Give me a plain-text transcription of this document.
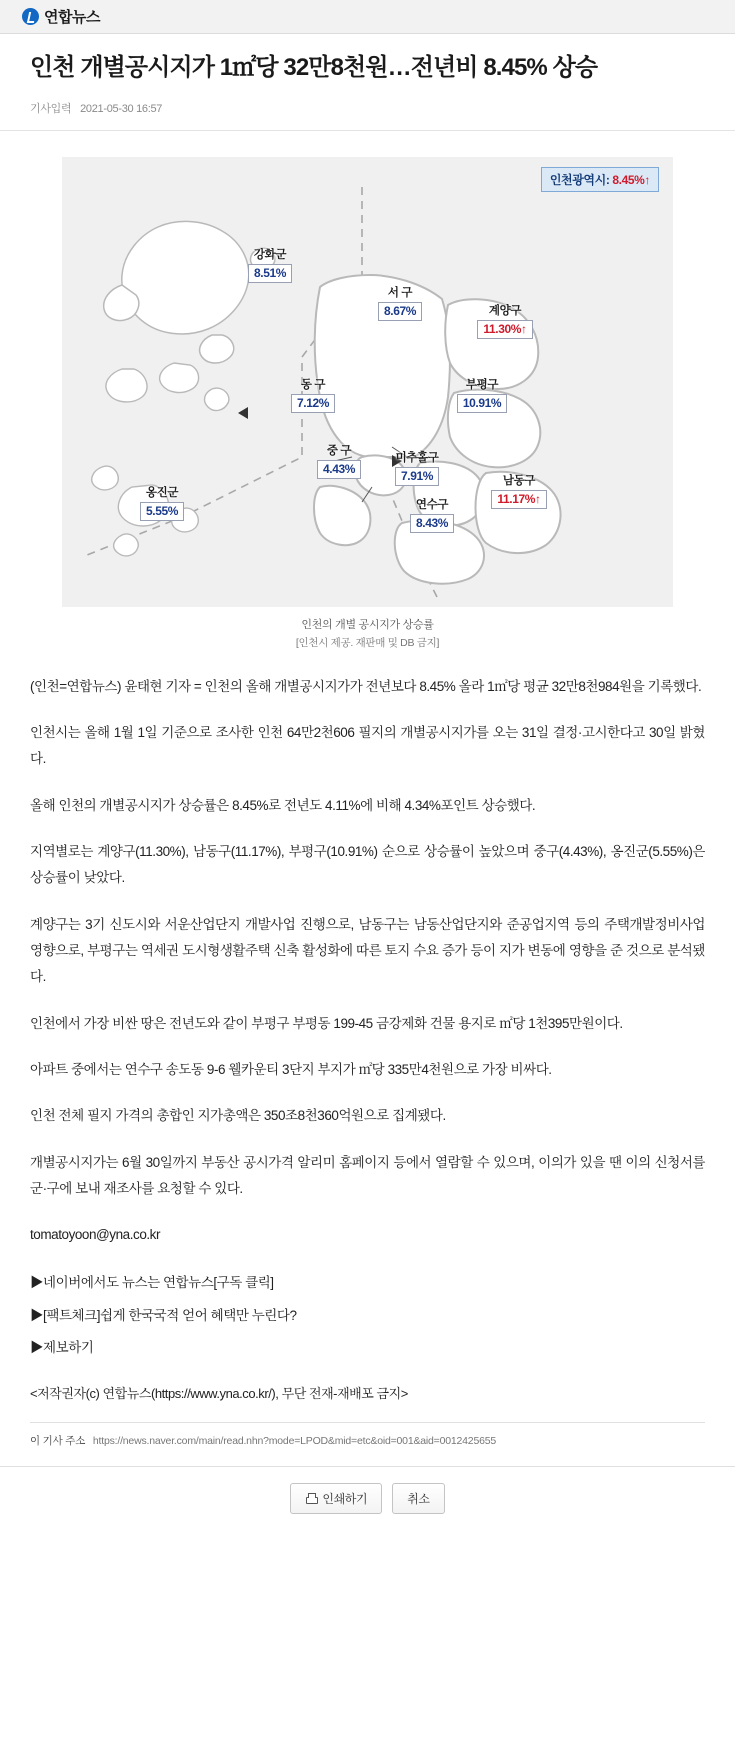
연합뉴스
인천 개별공시지가 1㎡당 32만8천원…전년비 8.45% 상승
기사입력 2021-05-30 16:57
인천광역시: 8.45%↑
강화군
8.51%
서 구
8.67%	계양구
11.30%↑
부평구
10.91%
동 구
7.12%
중 구
4.43%
미추홀구
7.91%	남동구
11.17%↑
연수구
8.43%
옹진군
5.55%
인천의 개별 공시지가 상승률
[인천시 제공. 재판매 및 DB 금지]

(인천=연합뉴스) 윤태현 기자 = 인천의 올해 개별공시지가가 전년보다 8.45% 올라 1㎡당 평균 32만8천984원을 기록했다.

인천시는 올해 1월 1일 기준으로 조사한 인천 64만2천606 필지의 개별공시지가를 오는 31일 결정·고시한다고 30일 밝혔다.

올해 인천의 개별공시지가 상승률은 8.45%로 전년도 4.11%에 비해 4.34%포인트 상승했다.

지역별로는 계양구(11.30%), 남동구(11.17%), 부평구(10.91%) 순으로 상승률이 높았으며 중구(4.43%), 옹진군(5.55%)은 상승률이 낮았다.

계양구는 3기 신도시와 서운산업단지 개발사업 진행으로, 남동구는 남동산업단지와 준공업지역 등의 주택개발정비사업 영향으로, 부평구는 역세권 도시형생활주택 신축 활성화에 따른 토지 수요 증가 등이 지가 변동에 영향을 준 것으로 분석됐다.

인천에서 가장 비싼 땅은 전년도와 같이 부평구 부평동 199-45 금강제화 건물 용지로 ㎡당 1천395만원이다.

아파트 중에서는 연수구 송도동 9-6 웰카운티 3단지 부지가 ㎡당 335만4천원으로 가장 비싸다.

인천 전체 필지 가격의 총합인 지가총액은 350조8천360억원으로 집계됐다.

개별공시지가는 6월 30일까지 부동산 공시가격 알리미 홈페이지 등에서 열람할 수 있으며, 이의가 있을 땐 이의 신청서를 군·구에 보내 재조사를 요청할 수 있다.

tomatoyoon@yna.co.kr

▶네이버에서도 뉴스는 연합뉴스[구독 클릭]

▶[팩트체크]쉽게 한국국적 얻어 혜택만 누린다?

▶제보하기

<저작권자(c) 연합뉴스(https://www.yna.co.kr/), 무단 전재-재배포 금지>
이 기사 주소 https://news.naver.com/main/read.nhn?mode=LPOD&mid=etc&oid=001&aid=0012425655
인쇄하기	취소
